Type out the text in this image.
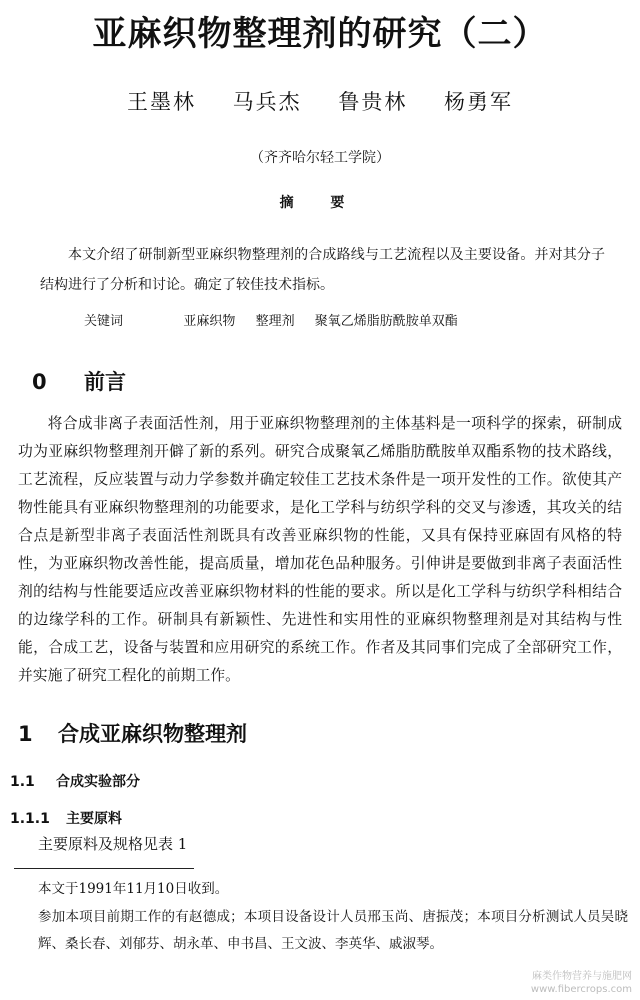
亚麻织物整理剂的研究（二）
王墨林 马兵杰 鲁贵林 杨勇军
（齐齐哈尔轻工学院）
摘 要
本文介绍了研制新型亚麻织物整理剂的合成路线与工艺流程以及主要设备。并对其分子结构进行了分析和讨论。确定了较佳技术指标。
关键词	亚麻织物 整理剂 聚氧乙烯脂肪酰胺单双酯
0 前言
将合成非离子表面活性剂，用于亚麻织物整理剂的主体基料是一项科学的探索，研制成功为亚麻织物整理剂开僻了新的系列。研究合成聚氧乙烯脂肪酰胺单双酯系物的技术路线，工艺流程，反应装置与动力学参数并确定较佳工艺技术条件是一项开发性的工作。欲使其产物性能具有亚麻织物整理剂的功能要求，是化工学科与纺织学科的交叉与渗透，其攻关的结合点是新型非离子表面活性剂既具有改善亚麻织物的性能，又具有保持亚麻固有风格的特性，为亚麻织物改善性能，提高质量，增加花色品种服务。引伸讲是要做到非离子表面活性剂的结构与性能要适应改善亚麻织物材料的性能的要求。所以是化工学科与纺织学科相结合的边缘学科的工作。研制具有新颖性、先进性和实用性的亚麻织物整理剂是对其结构与性能，合成工艺，设备与装置和应用研究的系统工作。作者及其同事们完成了全部研究工作，并实施了研究工程化的前期工作。
1 合成亚麻织物整理剂
1.1 合成实验部分
1.1.1 主要原料
主要原料及规格见表 1
本文于1991年11月10日收到。
参加本项目前期工作的有赵德成；本项目设备设计人员邢玉尚、唐振茂；本项目分析测试人员吴晓辉、桑长春、刘郁芬、胡永革、申书昌、王文波、李英华、戚淑琴。
麻类作物营养与施肥网
www.fibercrops.com
